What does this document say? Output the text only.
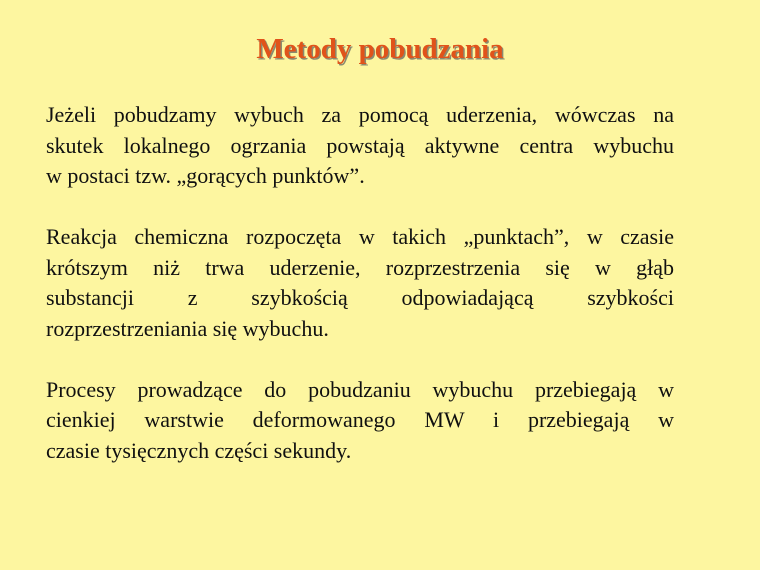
Metody pobudzania

Jeżeli pobudzamy wybuch za pomocą uderzenia, wówczas na
skutek lokalnego ogrzania powstają aktywne centra wybuchu
w postaci tzw. „gorących punktów”.

Reakcja chemiczna rozpoczęta w takich „punktach”, w czasie
krótszym niż trwa uderzenie, rozprzestrzenia się w głąb
substancji z szybkością odpowiadającą szybkości
rozprzestrzeniania się wybuchu.

Procesy prowadzące do pobudzaniu wybuchu przebiegają w
cienkiej warstwie deformowanego MW i przebiegają w
czasie tysięcznych części sekundy.
